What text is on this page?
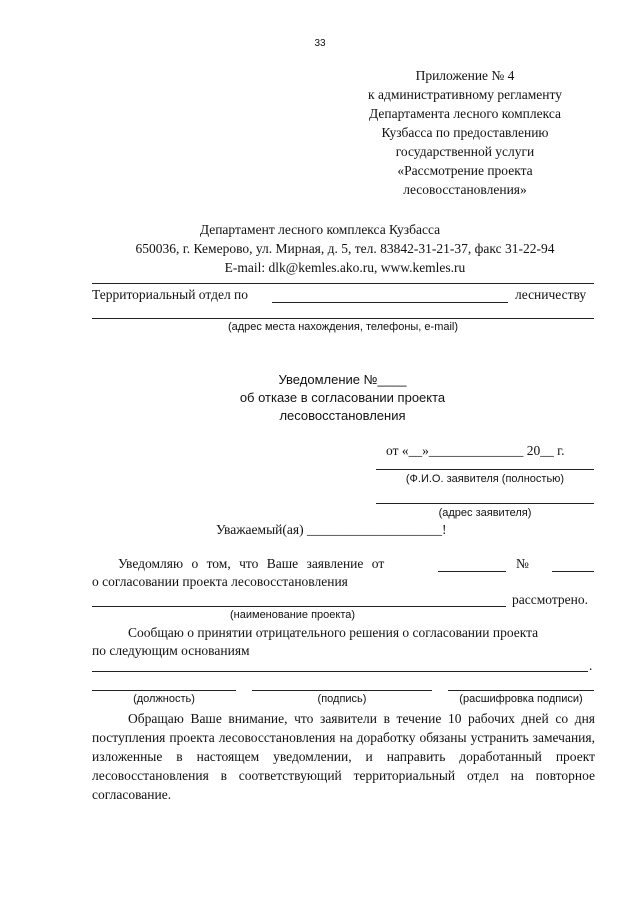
33
Приложение № 4
к административному регламенту
Департамента лесного комплекса
Кузбасса по предоставлению
государственной услуги
«Рассмотрение проекта
лесовосстановления»
Департамент лесного комплекса Кузбасса
650036, г. Кемерово, ул. Мирная, д. 5, тел. 83842-31-21-37, факс 31-22-94
E-mail: dlk@kemles.ako.ru, www.kemles.ru
Территориальный отдел по	лесничеству
(адрес места нахождения, телефоны, e-mail)
Уведомление №____
об отказе в согласовании проекта
лесовосстановления
от «__»______________ 20__ г.
(Ф.И.О. заявителя (полностью)
(адрес заявителя)
Уважаемый(ая) ____________________!
Уведомляю о том, что Ваше заявление от	№
о согласовании проекта лесовосстановления
рассмотрено.
(наименование проекта)
Сообщаю о принятии отрицательного решения о согласовании проекта
по следующим основаниям
.
(должность)	(подпись)	(расшифровка подписи)
Обращаю Ваше внимание, что заявители в течение 10 рабочих дней со дня поступления проекта лесовосстановления на доработку обязаны устранить замечания, изложенные в настоящем уведомлении, и направить доработанный проект лесовосстановления в соответствующий территориальный отдел на повторное согласование.
